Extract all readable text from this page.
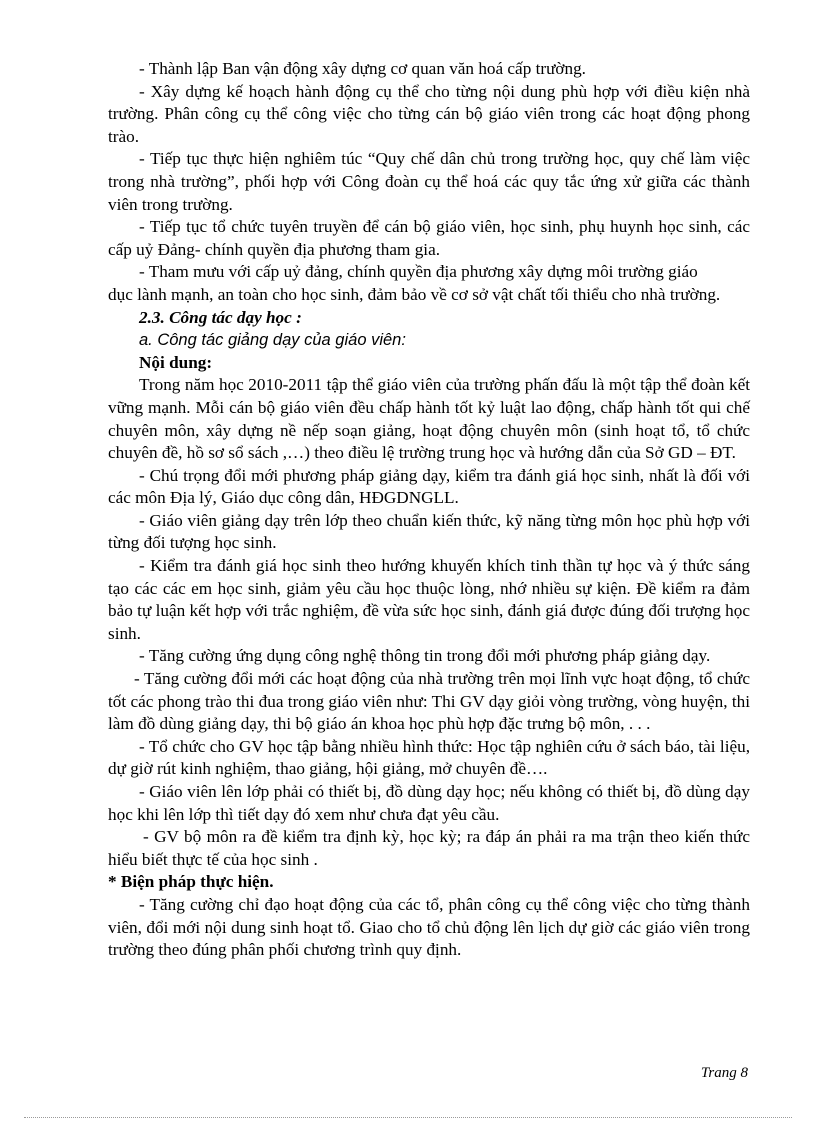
- Thành lập Ban vận động xây dựng cơ quan văn hoá cấp trường.

- Xây dựng kế hoạch hành động cụ thể cho từng nội dung phù hợp với điều kiện nhà trường. Phân công cụ thể công việc cho từng cán bộ giáo viên trong các hoạt động phong trào.

- Tiếp tục thực hiện nghiêm túc “Quy chế dân chủ trong trường học, quy chế làm việc trong nhà trường”, phối hợp với Công đoàn cụ thể hoá các quy tắc ứng xử giữa các thành viên trong trường.

- Tiếp tục tổ chức tuyên truyền để cán bộ giáo viên, học sinh, phụ huynh học sinh, các cấp uỷ Đảng- chính quyền địa phương tham gia.

- Tham mưu với cấp uỷ đảng, chính quyền địa phương xây dựng môi trường giáo

dục lành mạnh, an toàn cho học sinh, đảm bảo về cơ sở vật chất tối thiểu cho nhà trường.

2.3. Công tác dạy học :

a. Công tác giảng dạy của giáo viên:

Nội dung:

Trong năm học 2010-2011 tập thể giáo viên của trường phấn đấu là một tập thể đoàn kết vững mạnh. Mỗi cán bộ giáo viên đều chấp hành tốt kỷ luật lao động, chấp hành tốt qui chế chuyên môn, xây dựng nề nếp soạn giảng, hoạt động chuyên môn (sinh hoạt tổ, tổ chức chuyên đề, hồ sơ sổ sách ,…) theo điều lệ trường trung học và hướng dẫn của Sở GD – ĐT.

- Chú trọng đổi mới phương pháp giảng dạy, kiểm tra đánh giá học sinh, nhất là đối với các môn Địa lý, Giáo dục công dân, HĐGDNGLL.

- Giáo viên giảng dạy trên lớp theo chuẩn kiến thức, kỹ năng từng môn học phù hợp với từng đối tượng học sinh.

- Kiểm tra đánh giá học sinh theo hướng khuyến khích tinh thần tự học và ý thức sáng tạo các các em học sinh, giảm yêu cầu học thuộc lòng, nhớ nhiều sự kiện. Đề kiểm ra đảm bảo tự luận kết hợp với trắc nghiệm, đề vừa sức học sinh, đánh giá được đúng đối trượng học sinh.

- Tăng cường ứng dụng công nghệ thông tin trong đổi mới phương pháp giảng dạy.

- Tăng cường đổi mới các hoạt động của nhà trường trên mọi lĩnh vực hoạt động, tổ chức tốt các phong trào thi đua trong giáo viên như: Thi GV dạy giỏi vòng trường, vòng huyện, thi làm đồ dùng giảng dạy, thi bộ giáo án khoa học phù hợp đặc trưng bộ môn, . . .

- Tổ chức cho GV học tập bằng nhiều hình thức: Học tập nghiên cứu ở sách báo, tài liệu, dự giờ rút kinh nghiệm, thao giảng, hội giảng, mở chuyên đề….

- Giáo viên lên lớp phải có thiết bị, đồ dùng dạy học; nếu không có thiết bị, đồ dùng dạy học khi lên lớp thì tiết dạy đó xem như chưa đạt yêu cầu.

- GV bộ môn ra đề kiểm tra định kỳ, học kỳ; ra đáp án phải ra ma trận theo kiến thức hiểu biết thực tế của học sinh .

* Biện pháp thực hiện.

- Tăng cường chỉ đạo hoạt động của các tổ, phân công cụ thể công việc cho từng thành viên, đổi mới nội dung sinh hoạt tổ. Giao cho tổ chủ động lên lịch dự giờ các giáo viên trong trường theo đúng phân phối chương trình quy định.

Trang 8
